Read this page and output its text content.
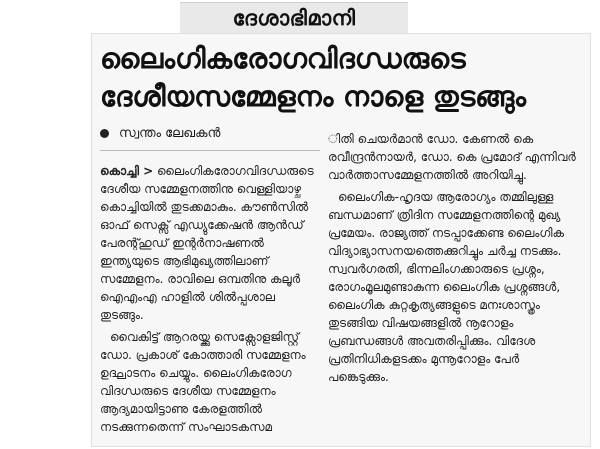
ദേശാഭിമാനി
ലൈംഗികരോഗവിദഗ്ധരുടെ
ദേശീയസമ്മേളനം നാളെ തുടങ്ങും
സ്വന്തം ലേഖകൻ

കൊച്ചി > ലൈംഗികരോഗവിദഗ്ധരുടെ ദേശീയ സമ്മേളനത്തിനു വെള്ളിയാഴ്ച കൊച്ചിയിൽ തുടക്കമാകും. കൗൺസിൽ ഓഫ് സെക്സ് എഡ്യുക്കേഷൻ ആൻഡ് പേരന്റ്ഹുഡ് ഇന്റർനാഷണൽ ഇന്ത്യയുടെ ആഭിമുഖ്യത്തിലാണ് സമ്മേളനം. രാവിലെ ഒമ്പതിനു കലൂർ ഐഎംഎ ഹാളിൽ ശിൽപ്പശാല തുടങ്ങും.

വൈകിട്ട് ആറരയ്ക്കു സെക്സോളജിസ്റ്റ് ഡോ. പ്രകാശ് കോത്താരി സമ്മേളനം ഉദ്ഘാടനം ചെയ്യും. ലൈംഗികരോഗ വിദഗ്ധരുടെ ദേശീയ സമ്മേളനം ആദ്യമായിട്ടാണു കേരളത്തിൽ നടക്കുന്നതെന്ന് സംഘാടകസമ

ിതി ചെയർമാൻ ഡോ. കേണൽ കെ രവീന്ദ്രൻനായർ, ഡോ. കെ പ്രമോദ് എന്നിവർ വാർത്താസമ്മേളനത്തിൽ അറിയിച്ചു.

ലൈംഗിക-ഹൃദയ ആരോഗ്യം തമ്മിലുള്ള ബന്ധമാണ് ത്രിദിന സമ്മേളനത്തിന്റെ മുഖ്യ പ്രമേയം. രാജ്യത്ത് നടപ്പാക്കേണ്ട ലൈംഗിക വിദ്യാഭ്യാസനയത്തെക്കുറിച്ചും ചർച്ച നടക്കും. സ്വവർഗരതി, ഭിന്നലിംഗക്കാരുടെ പ്രശ്നം, രോഗംമൂലമുണ്ടാകുന്ന ലൈംഗിക പ്രശ്നങ്ങൾ, ലൈംഗിക കുറ്റകൃത്യങ്ങളുടെ മനഃശാസ്ത്രം തുടങ്ങിയ വിഷയങ്ങളിൽ നൂറോളം പ്രബന്ധങ്ങൾ അവതരിപ്പിക്കും. വിദേശ പ്രതിനിധികളടക്കം മുന്നൂറോളം പേർ പങ്കെടുക്കും.
